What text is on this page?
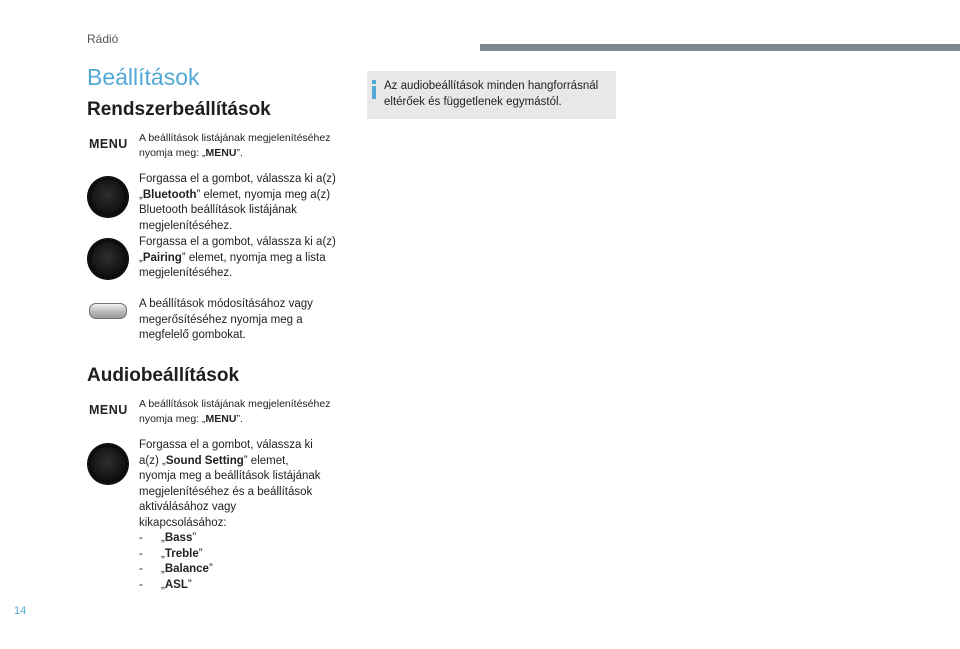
Rádió
Beállítások
Rendszerbeállítások
MENU A beállítások listájának megjelenítéséhez nyomja meg: „MENU”.
Forgassa el a gombot, válassza ki a(z) „Bluetooth” elemet, nyomja meg a(z) Bluetooth beállítások listájának megjelenítéséhez.
Forgassa el a gombot, válassza ki a(z) „Pairing” elemet, nyomja meg a lista megjelenítéséhez.
A beállítások módosításához vagy megerősítéséhez nyomja meg a megfelelő gombokat.
Audiobeállítások
MENU A beállítások listájának megjelenítéséhez nyomja meg: „MENU”.
Forgassa el a gombot, válassza ki a(z) „Sound Setting” elemet, nyomja meg a beállítások listájának megjelenítéséhez és a beállítások aktiválásához vagy kikapcsolásához:
- „Bass”
- „Treble”
- „Balance”
- „ASL”
Az audiobeállítások minden hangforrásnál eltérőek és függetlenek egymástól.
14
